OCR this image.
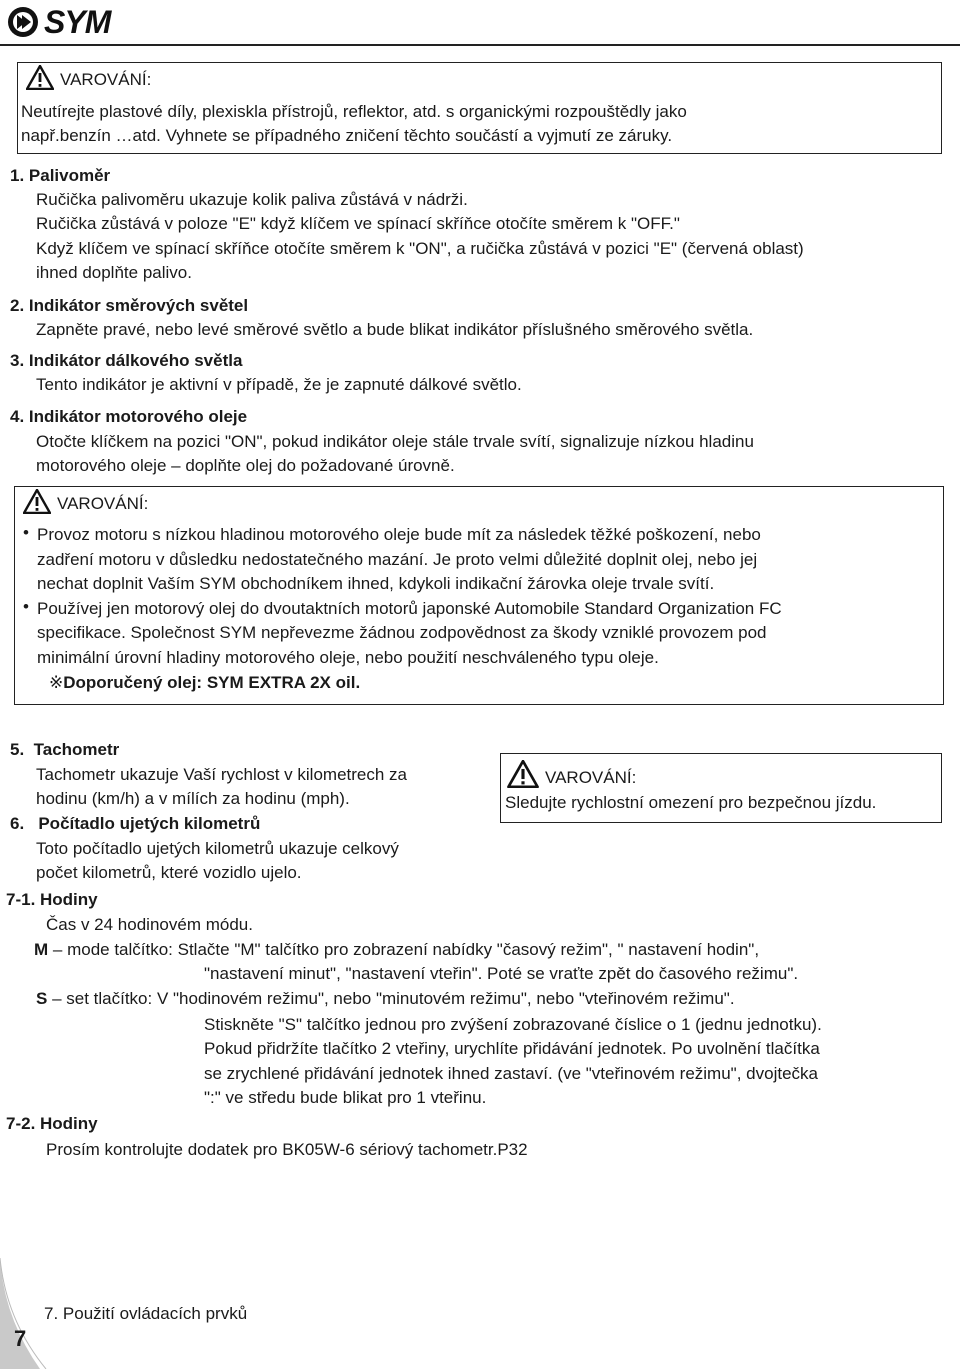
SYM
VAROVÁNÍ:
Neutírejte plastové díly, plexiskla přístrojů, reflektor, atd. s organickými rozpouštědly jako
např.benzín …atd. Vyhnete se případného zničení těchto součástí a vyjmutí ze záruky.
1. Palivoměr
Ručička palivoměru ukazuje kolik paliva zůstává v nádrži.
Ručička zůstává v poloze "E" když klíčem ve spínací skříňce otočíte směrem k "OFF."
Když klíčem ve spínací skříňce otočíte směrem k "ON", a ručička zůstává v pozici "E" (červená oblast)
ihned doplňte palivo.
2. Indikátor směrových světel
Zapněte pravé, nebo levé směrové světlo a bude blikat indikátor příslušného směrového světla.
3. Indikátor dálkového světla
Tento indikátor je aktivní v případě, že je zapnuté dálkové světlo.
4. Indikátor motorového oleje
Otočte klíčkem na pozici "ON", pokud indikátor oleje stále trvale svítí, signalizuje nízkou hladinu
motorového oleje – doplňte olej do požadované úrovně.
VAROVÁNÍ:
• Provoz motoru s nízkou hladinou motorového oleje bude mít za následek těžké poškození, nebo
zadření motoru v důsledku nedostatečného mazání. Je proto velmi důležité doplnit olej, nebo jej
nechat doplnit Vaším SYM obchodníkem ihned, kdykoli indikační žárovka oleje trvale svítí.
• Používej jen motorový olej do dvoutaktních motorů japonské Automobile Standard Organization FC
specifikace. Společnost SYM nepřevezme žádnou zodpovědnost za škody vzniklé provozem pod
minimální úrovní hladiny motorového oleje, nebo použití neschváleného typu oleje.
※Doporučený olej: SYM EXTRA 2X oil.
5.  Tachometr
Tachometr ukazuje Vaší rychlost v kilometrech za
hodinu (km/h) a v mílích za hodinu (mph).
VAROVÁNÍ:
Sledujte rychlostní omezení pro bezpečnou jízdu.
6.   Počítadlo ujetých kilometrů
Toto počítadlo ujetých kilometrů ukazuje celkový
počet kilometrů, které vozidlo ujelo.
7-1. Hodiny
Čas v 24 hodinovém módu.
M – mode talčítko: Stlačte "M" talčítko pro zobrazení nabídky "časový režim", " nastavení hodin",
"nastavení minut", "nastavení vteřin". Poté se vraťte zpět do časového režimu".
S – set tlačítko: V "hodinovém režimu", nebo "minutovém režimu", nebo "vteřinovém režimu".
Stiskněte "S" talčítko jednou pro zvýšení zobrazované číslice o 1 (jednu jednotku).
Pokud přidržíte tlačítko 2 vteřiny, urychlíte přidávání jednotek. Po uvolnění tlačítka
se zrychlené přidávání jednotek ihned zastaví. (ve "vteřinovém režimu", dvojtečka
":" ve středu bude blikat pro 1 vteřinu.
7-2. Hodiny
Prosím kontrolujte dodatek pro BK05W-6 sériový tachometr.P32
7
7. Použití ovládacích prvků
